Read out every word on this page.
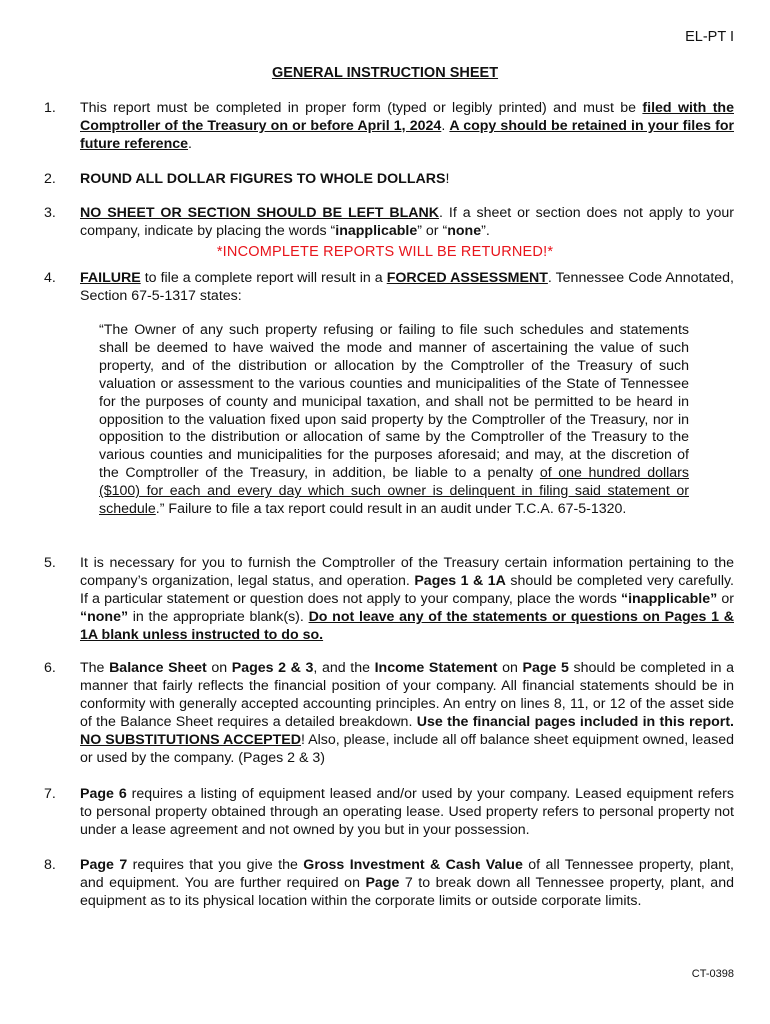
EL-PT I
GENERAL INSTRUCTION SHEET
1. This report must be completed in proper form (typed or legibly printed) and must be filed with the Comptroller of the Treasury on or before April 1, 2024. A copy should be retained in your files for future reference.
2. ROUND ALL DOLLAR FIGURES TO WHOLE DOLLARS!
3. NO SHEET OR SECTION SHOULD BE LEFT BLANK. If a sheet or section does not apply to your company, indicate by placing the words “inapplicable” or “none”.
*INCOMPLETE REPORTS WILL BE RETURNED!*
4. FAILURE to file a complete report will result in a FORCED ASSESSMENT. Tennessee Code Annotated, Section 67-5-1317 states:
“The Owner of any such property refusing or failing to file such schedules and statements shall be deemed to have waived the mode and manner of ascertaining the value of such property, and of the distribution or allocation by the Comptroller of the Treasury of such valuation or assessment to the various counties and municipalities of the State of Tennessee for the purposes of county and municipal taxation, and shall not be permitted to be heard in opposition to the valuation fixed upon said property by the Comptroller of the Treasury, nor in opposition to the distribution or allocation of same by the Comptroller of the Treasury to the various counties and municipalities for the purposes aforesaid; and may, at the discretion of the Comptroller of the Treasury, in addition, be liable to a penalty of one hundred dollars ($100) for each and every day which such owner is delinquent in filing said statement or schedule.” Failure to file a tax report could result in an audit under T.C.A. 67-5-1320.
5. It is necessary for you to furnish the Comptroller of the Treasury certain information pertaining to the company’s organization, legal status, and operation. Pages 1 & 1A should be completed very carefully. If a particular statement or question does not apply to your company, place the words “inapplicable” or “none” in the appropriate blank(s). Do not leave any of the statements or questions on Pages 1 & 1A blank unless instructed to do so.
6. The Balance Sheet on Pages 2 & 3, and the Income Statement on Page 5 should be completed in a manner that fairly reflects the financial position of your company. All financial statements should be in conformity with generally accepted accounting principles. An entry on lines 8, 11, or 12 of the asset side of the Balance Sheet requires a detailed breakdown. Use the financial pages included in this report. NO SUBSTITUTIONS ACCEPTED! Also, please, include all off balance sheet equipment owned, leased or used by the company. (Pages 2 & 3)
7. Page 6 requires a listing of equipment leased and/or used by your company. Leased equipment refers to personal property obtained through an operating lease. Used property refers to personal property not under a lease agreement and not owned by you but in your possession.
8. Page 7 requires that you give the Gross Investment & Cash Value of all Tennessee property, plant, and equipment. You are further required on Page 7 to break down all Tennessee property, plant, and equipment as to its physical location within the corporate limits or outside corporate limits.
CT-0398
